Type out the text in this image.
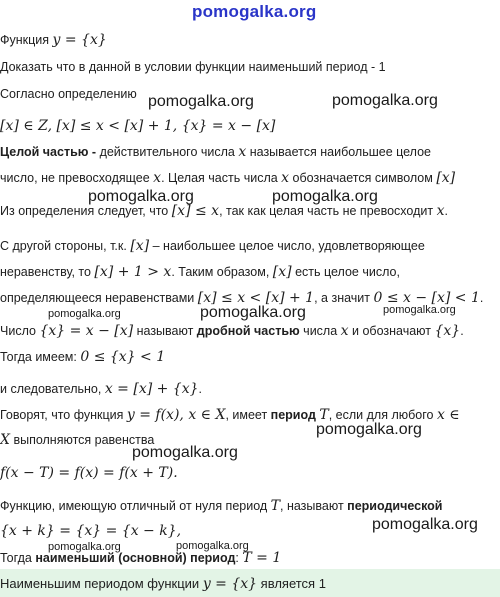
pomogalka.org
Функция y = {x}
Доказать что в данной в условии функции наименьший период - 1
Согласно определению
[x] ∈ Z, [x] ≤ x < [x] + 1, {x} = x − [x]
Целой частью - действительного числа x называется наибольшее целое
число, не превосходящее x. Целая часть числа x обозначается символом [x]
Из определения следует, что [x] ≤ x, так как целая часть не превосходит x.
С другой стороны, т.к. [x] – наибольшее целое число, удовлетворяющее
неравенству, то [x] + 1 > x. Таким образом, [x] есть целое число,
определяющееся неравенствами [x] ≤ x < [x] + 1, а значит 0 ≤ x − [x] < 1.
Число {x} = x − [x] называют дробной частью числа x и обозначают {x}.
Тогда имеем: 0 ≤ {x} < 1
и следовательно, x = [x] + {x}.
Говорят, что функция y = f(x), x ∈ X, имеет период T, если для любого x ∈
X выполняются равенства
f(x − T) = f(x) = f(x + T).
Функцию, имеющую отличный от нуля период T, называют периодической
{x + k} = {x} = {x − k},
Тогда наименьший (основной) период: T = 1
Наименьшим периодом функции y = {x} является 1
pomogalka.org	pomogalka.org
pomogalka.org	pomogalka.org
pomogalka.org	pomogalka.org	pomogalka.org
pomogalka.org
pomogalka.org
pomogalka.org
pomogalka.org	pomogalka.org
